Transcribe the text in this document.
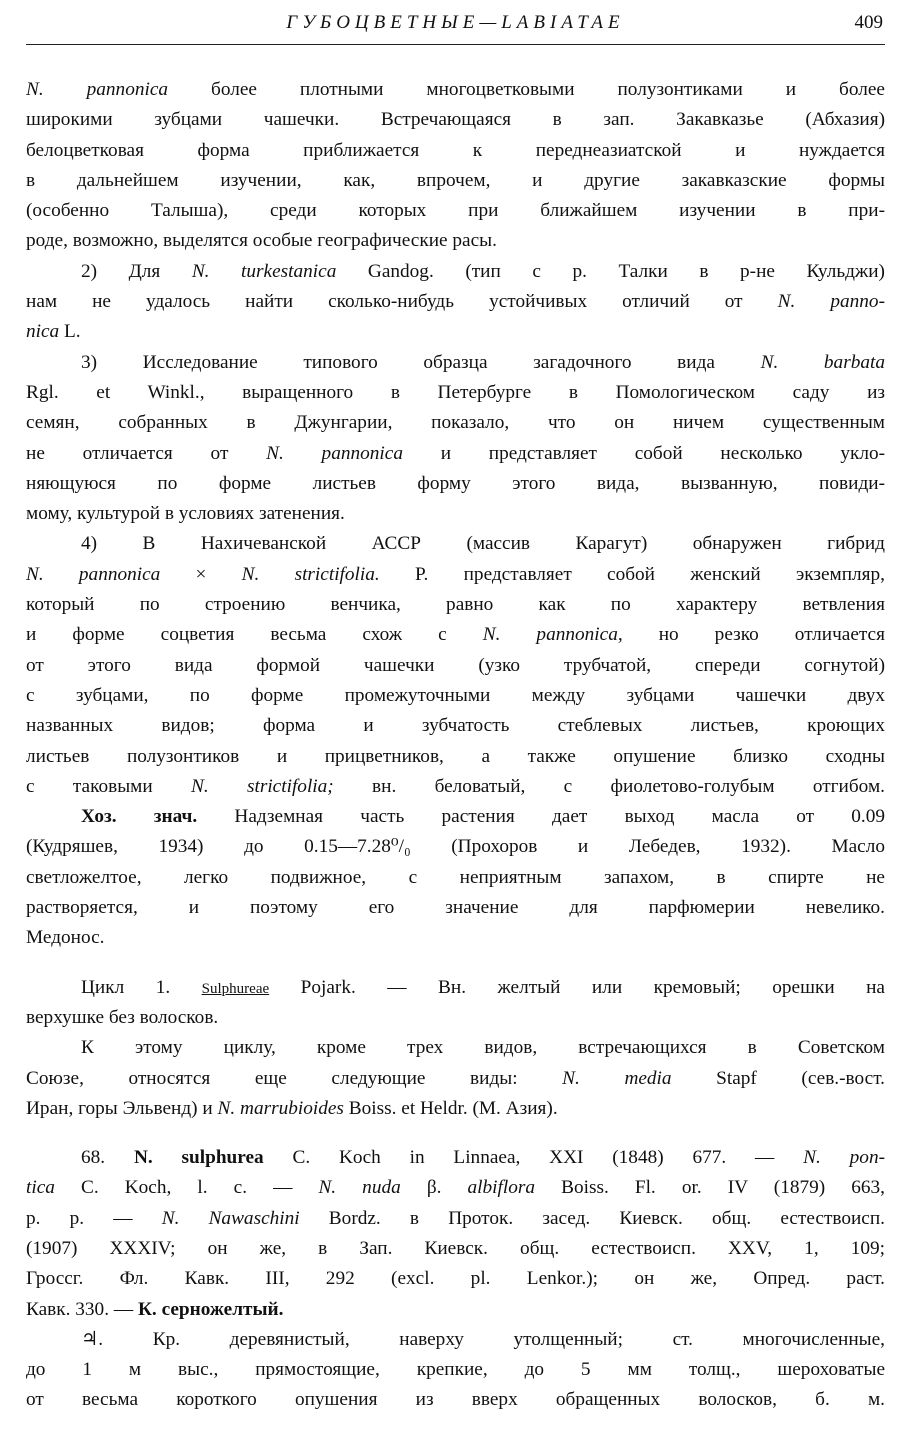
ГУБОЦВЕТНЫЕ—LABIATAE	409
N. pannonica более плотными многоцветковыми полузонтиками и более
широкими зубцами чашечки. Встречающаяся в зап. Закавказье (Абхазия)
белоцветковая форма приближается к переднеазиатской и нуждается
в дальнейшем изучении, как, впрочем, и другие закавказские формы
(особенно Талыша), среди которых при ближайшем изучении в при-
роде, возможно, выделятся особые географические расы.
2) Для N. turkestanica Gandog. (тип с р. Талки в р-не Кульджи)
нам не удалось найти сколько-нибудь устойчивых отличий от N. panno-
nica L.
3) Исследование типового образца загадочного вида N. barbata
Rgl. et Winkl., выращенного в Петербурге в Помологическом саду из
семян, собранных в Джунгарии, показало, что он ничем существенным
не отличается от N. pannonica и представляет собой несколько укло-
няющуюся по форме листьев форму этого вида, вызванную, повиди-
мому, культурой в условиях затенения.
4) В Нахичеванской АССР (массив Карагут) обнаружен гибрид
N. pannonica × N. strictifolia. P. представляет собой женский экземпляр,
который по строению венчика, равно как по характеру ветвления
и форме соцветия весьма схож с N. pannonica, но резко отличается
от этого вида формой чашечки (узко трубчатой, спереди согнутой)
с зубцами, по форме промежуточными между зубцами чашечки двух
названных видов; форма и зубчатость стеблевых листьев, кроющих
листьев полузонтиков и прицветников, а также опушение близко сходны
с таковыми N. strictifolia; вн. беловатый, с фиолетово-голубым отгибом.
Хоз. знач. Надземная часть растения дает выход масла от 0.09
(Кудряшев, 1934) до 0.15—7.28⁰/₀ (Прохоров и Лебедев, 1932). Масло
светложелтое, легко подвижное, с неприятным запахом, в спирте не
растворяется, и поэтому его значение для парфюмерии невелико.
Медонос.
Цикл 1. Sulphureae Pojark. — Вн. желтый или кремовый; орешки на
верхушке без волосков.
К этому циклу, кроме трех видов, встречающихся в Советском
Союзе, относятся еще следующие виды: N. media Stapf (сев.-вост.
Иран, горы Эльвенд) и N. marrubioides Boiss. et Heldr. (М. Азия).
68. N. sulphurea C. Koch in Linnaea, XXI (1848) 677. — N. pon-
tica C. Koch, l. c. — N. nuda β. albiflora Boiss. Fl. or. IV (1879) 663,
p. p. — N. Nawaschini Bordz. в Проток. засед. Киевск. общ. естествоисп.
(1907) XXXIV; он же, в Зап. Киевск. общ. естествоисп. XXV, 1, 109;
Гроссг. Фл. Кавк. III, 292 (excl. pl. Lenkor.); он же, Опред. раст.
Кавк. 330. — К. серножелтый.
♃. Кр. деревянистый, наверху утолщенный; ст. многочисленные,
до 1 м выс., прямостоящие, крепкие, до 5 мм толщ., шероховатые
от весьма короткого опушения из вверх обращенных волосков, б. м.
